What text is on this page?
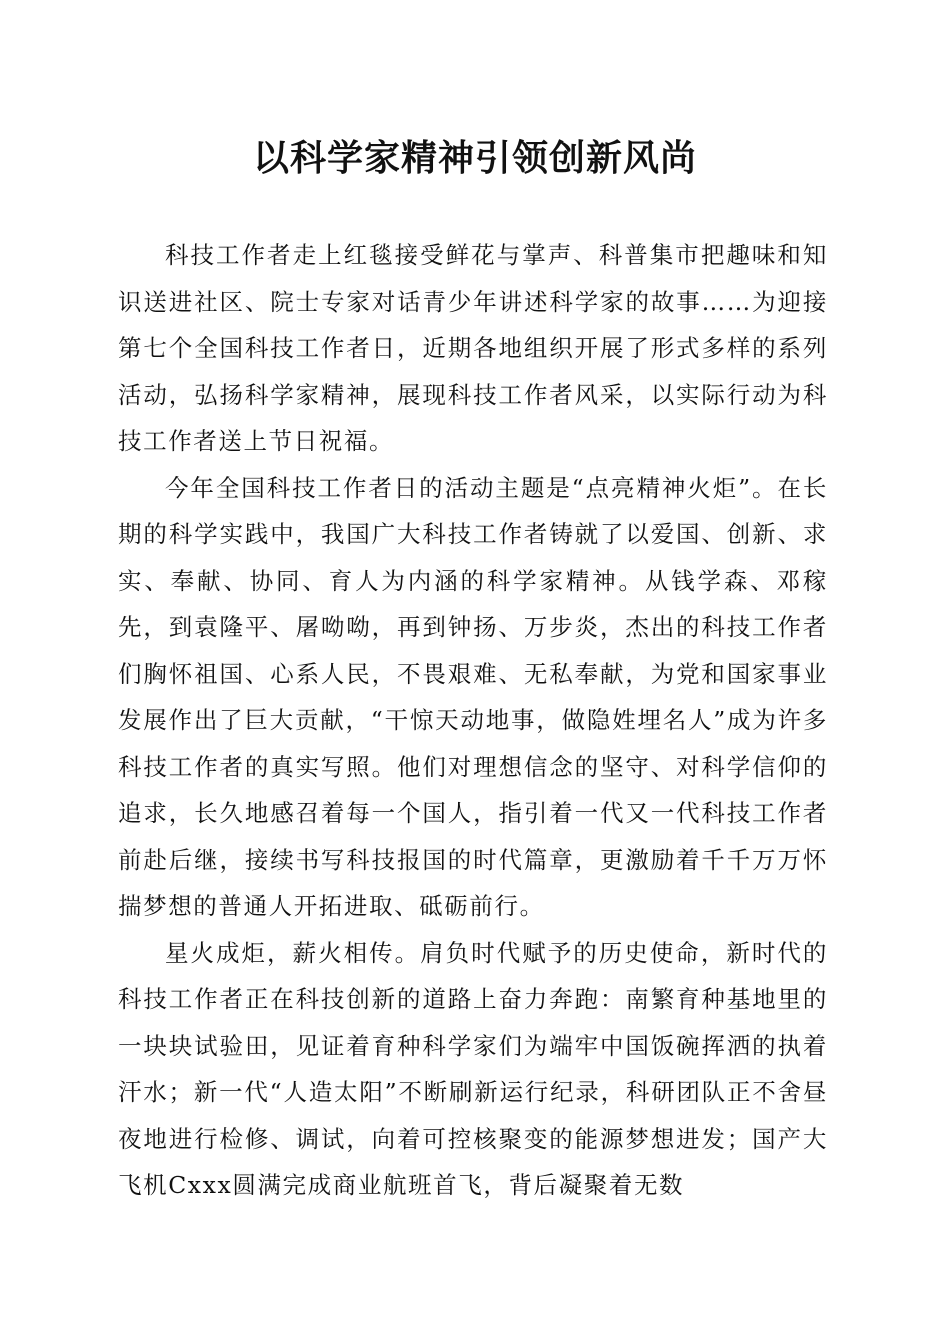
以科学家精神引领创新风尚

科技工作者走上红毯接受鲜花与掌声、科普集市把趣味和知识送进社区、院士专家对话青少年讲述科学家的故事……为迎接第七个全国科技工作者日，近期各地组织开展了形式多样的系列活动，弘扬科学家精神，展现科技工作者风采，以实际行动为科技工作者送上节日祝福。

今年全国科技工作者日的活动主题是“点亮精神火炬”。在长期的科学实践中，我国广大科技工作者铸就了以爱国、创新、求实、奉献、协同、育人为内涵的科学家精神。从钱学森、邓稼先，到袁隆平、屠呦呦，再到钟扬、万步炎，杰出的科技工作者们胸怀祖国、心系人民，不畏艰难、无私奉献，为党和国家事业发展作出了巨大贡献，“干惊天动地事，做隐姓埋名人”成为许多科技工作者的真实写照。他们对理想信念的坚守、对科学信仰的追求，长久地感召着每一个国人，指引着一代又一代科技工作者前赴后继，接续书写科技报国的时代篇章，更激励着千千万万怀揣梦想的普通人开拓进取、砥砺前行。

星火成炬，薪火相传。肩负时代赋予的历史使命，新时代的科技工作者正在科技创新的道路上奋力奔跑：南繁育种基地里的一块块试验田，见证着育种科学家们为端牢中国饭碗挥洒的执着汗水；新一代“人造太阳”不断刷新运行纪录，科研团队正不舍昼夜地进行检修、调试，向着可控核聚变的能源梦想进发；国产大飞机Cxxx圆满完成商业航班首飞，背后凝聚着无数
